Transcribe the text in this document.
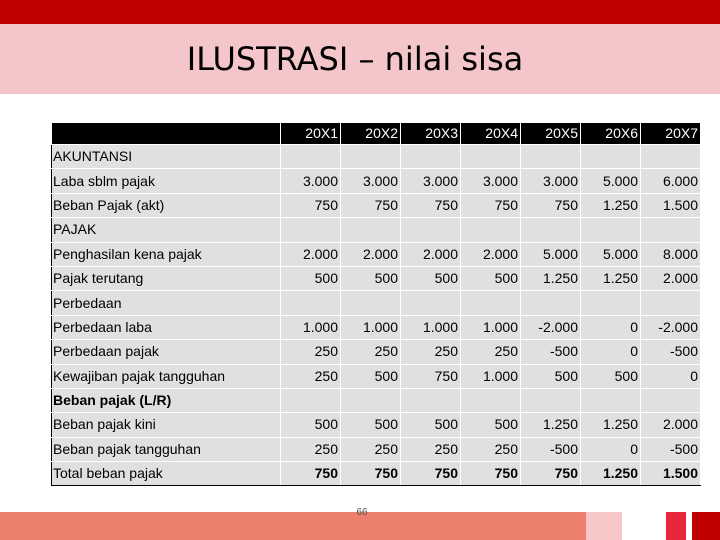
ILUSTRASI – nilai sisa
	20X1	20X2	20X3	20X4	20X5	20X6	20X7
AKUNTANSI							
Laba sblm pajak	3.000	3.000	3.000	3.000	3.000	5.000	6.000
Beban Pajak (akt)	750	750	750	750	750	1.250	1.500
PAJAK							
Penghasilan kena pajak	2.000	2.000	2.000	2.000	5.000	5.000	8.000
Pajak terutang	500	500	500	500	1.250	1.250	2.000
Perbedaan							
Perbedaan laba	1.000	1.000	1.000	1.000	-2.000	0	-2.000
Perbedaan pajak	250	250	250	250	-500	0	-500
Kewajiban pajak tangguhan	250	500	750	1.000	500	500	0
Beban pajak (L/R)							
Beban pajak kini	500	500	500	500	1.250	1.250	2.000
Beban pajak tangguhan	250	250	250	250	-500	0	-500
Total beban pajak	750	750	750	750	750	1.250	1.500
66
